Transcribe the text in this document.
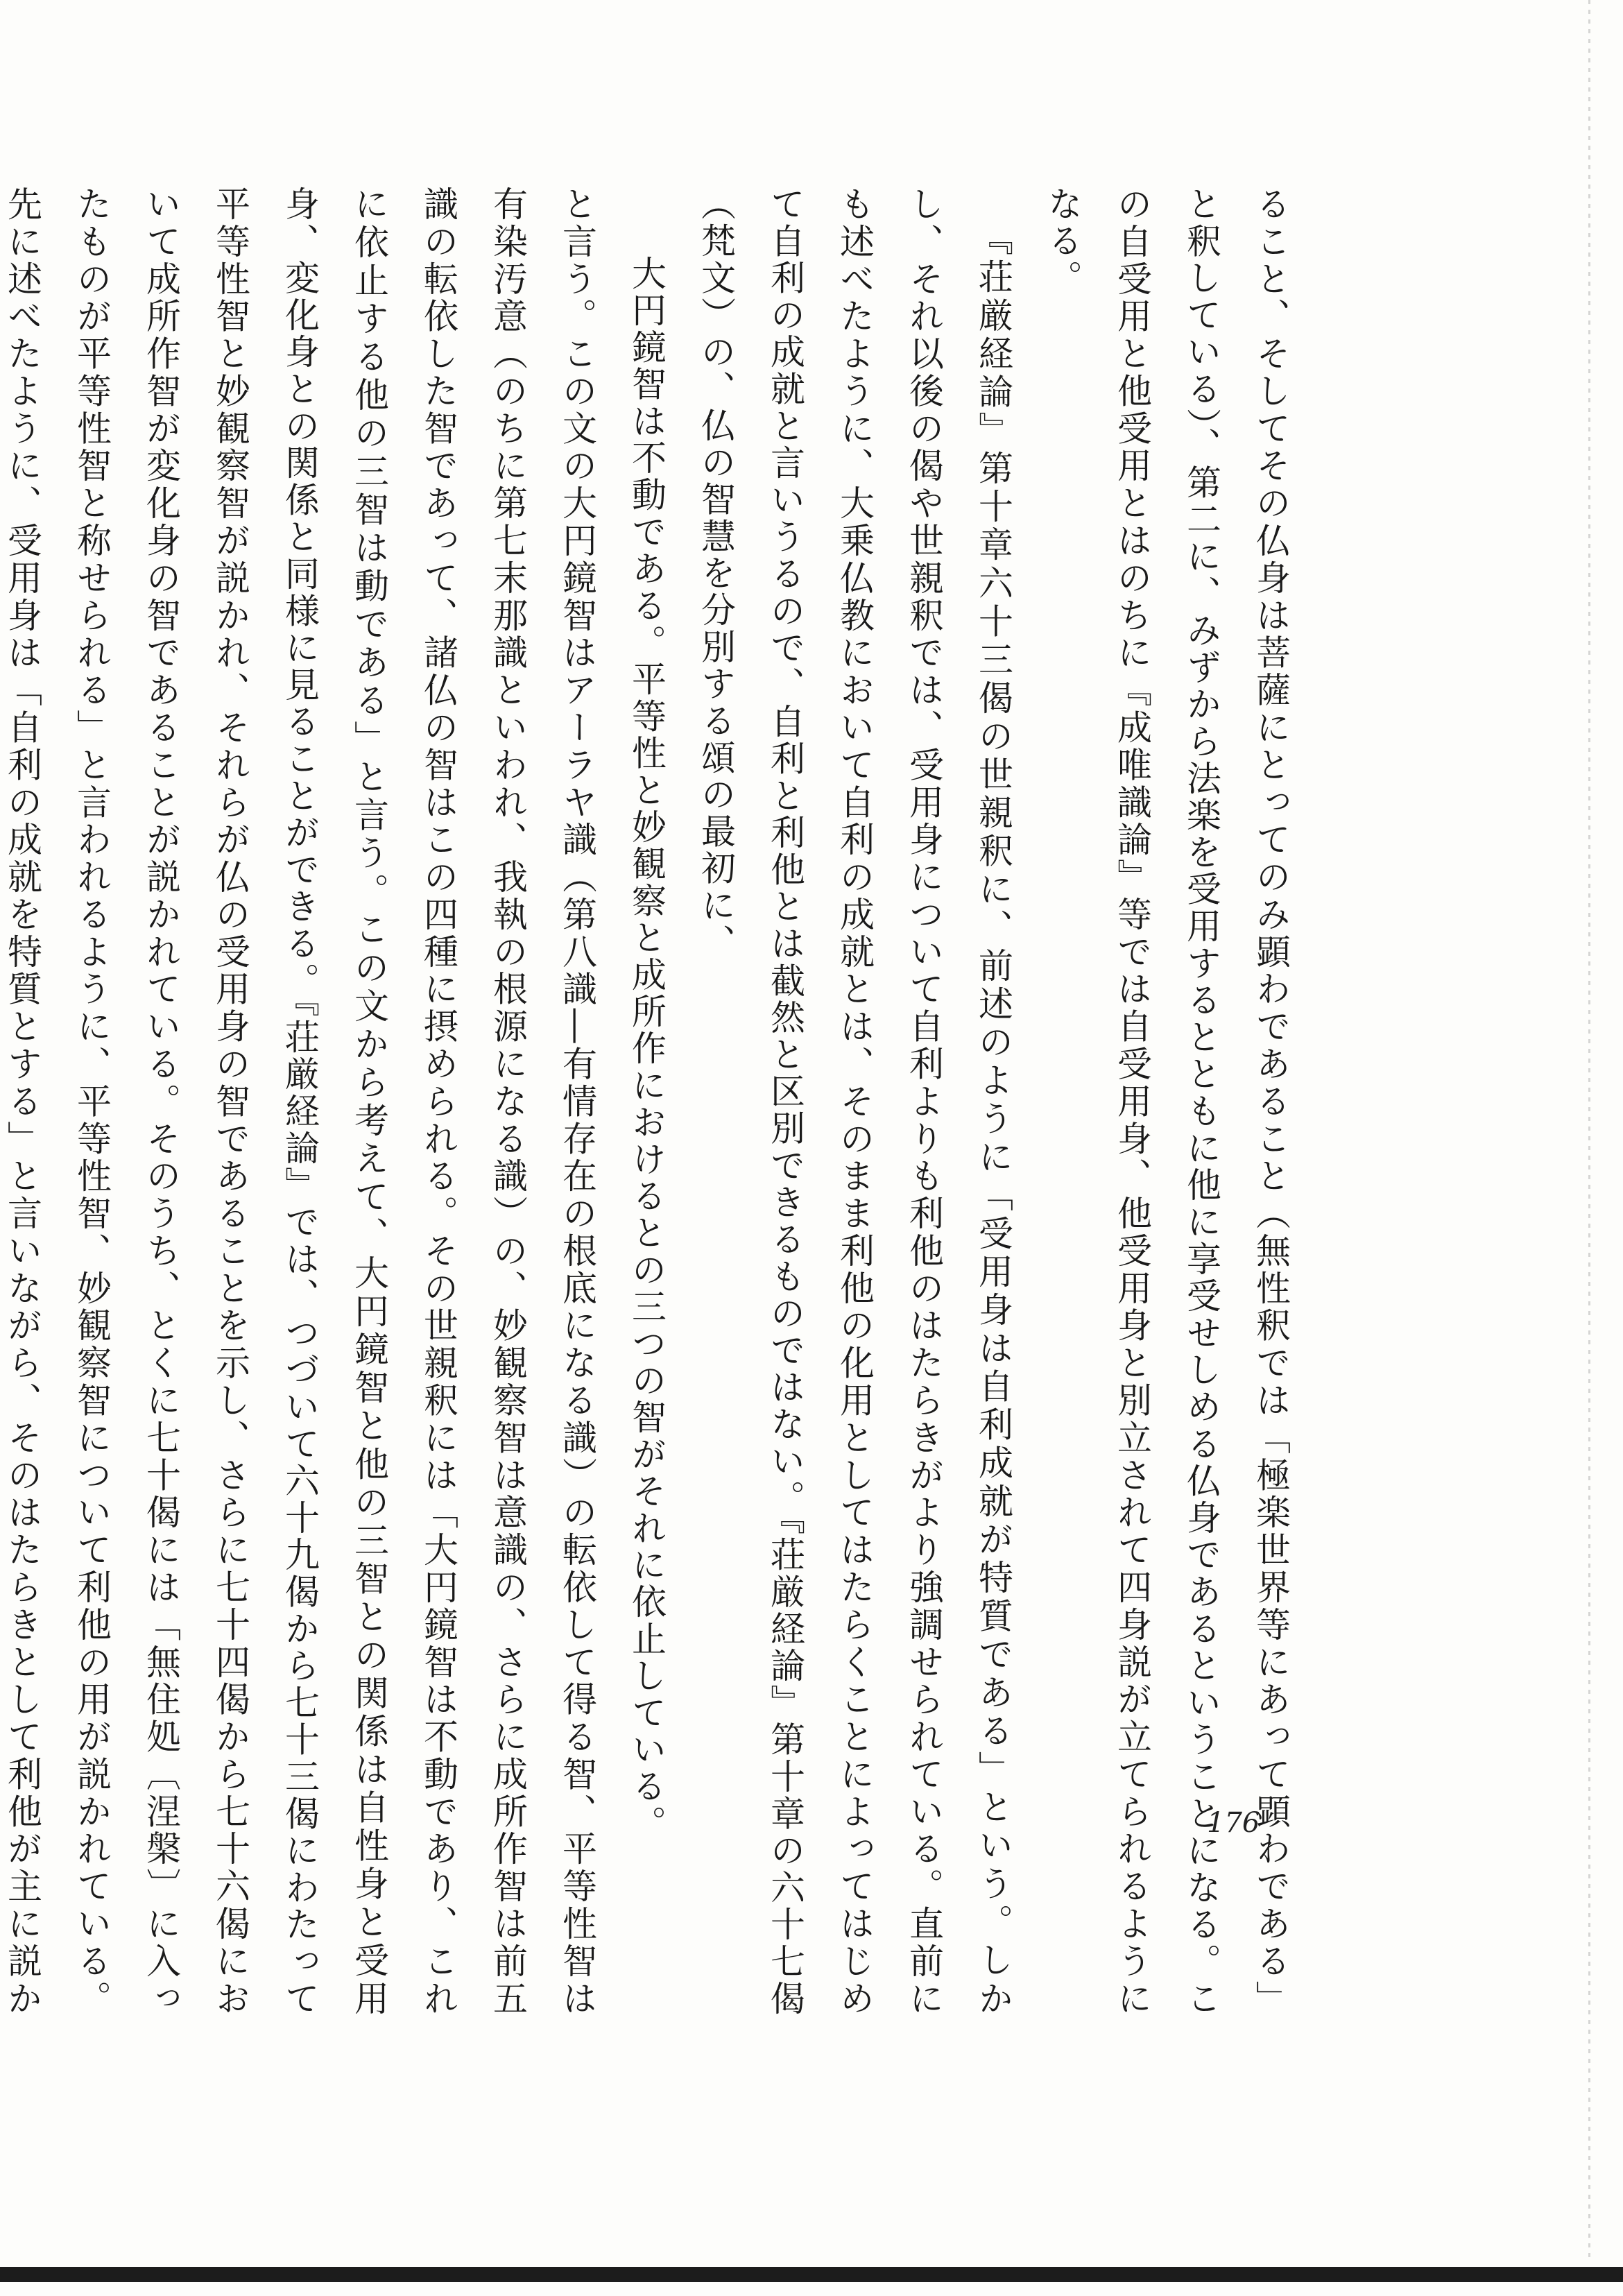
ること、そしてその仏身は菩薩にとってのみ顕わであること（無性釈では「極楽世界等にあって顕わである」と釈している）、第二に、みずから法楽を受用するとともに他に享受せしめる仏身であるということになる。この自受用と他受用とはのちに『成唯識論』等では自受用身、他受用身と別立されて四身説が立てられるようになる。

『荘厳経論』第十章六十三偈の世親釈に、前述のように「受用身は自利成就が特質である」という。しかし、それ以後の偈や世親釈では、受用身について自利よりも利他のはたらきがより強調せられている。直前にも述べたように、大乗仏教において自利の成就とは、そのまま利他の化用としてはたらくことによってはじめて自利の成就と言いうるので、自利と利他とは截然と区別できるものではない。『荘厳経論』第十章の六十七偈（梵文）の、仏の智慧を分別する頌の最初に、

大円鏡智は不動である。平等性と妙観察と成所作におけるとの三つの智がそれに依止している。

と言う。この文の大円鏡智はアーラヤ識（第八識―有情存在の根底になる識）の転依して得る智、平等性智は有染汚意（のちに第七末那識といわれ、我執の根源になる識）の、妙観察智は意識の、さらに成所作智は前五識の転依した智であって、諸仏の智はこの四種に摂められる。その世親釈には「大円鏡智は不動であり、これに依止する他の三智は動である」と言う。この文から考えて、大円鏡智と他の三智との関係は自性身と受用身、変化身との関係と同様に見ることができる。『荘厳経論』では、つづいて六十九偈から七十三偈にわたって平等性智と妙観察智が説かれ、それらが仏の受用身の智であることを示し、さらに七十四偈から七十六偈において成所作智が変化身の智であることが説かれている。そのうち、とくに七十偈には「無住処〔涅槃〕に入ったものが平等性智と称せられる」と言われるように、平等性智、妙観察智について利他の用が説かれている。先に述べたように、受用身は「自利の成就を特質とする」と言いながら、そのはたらきとして利他が主に説か

176
